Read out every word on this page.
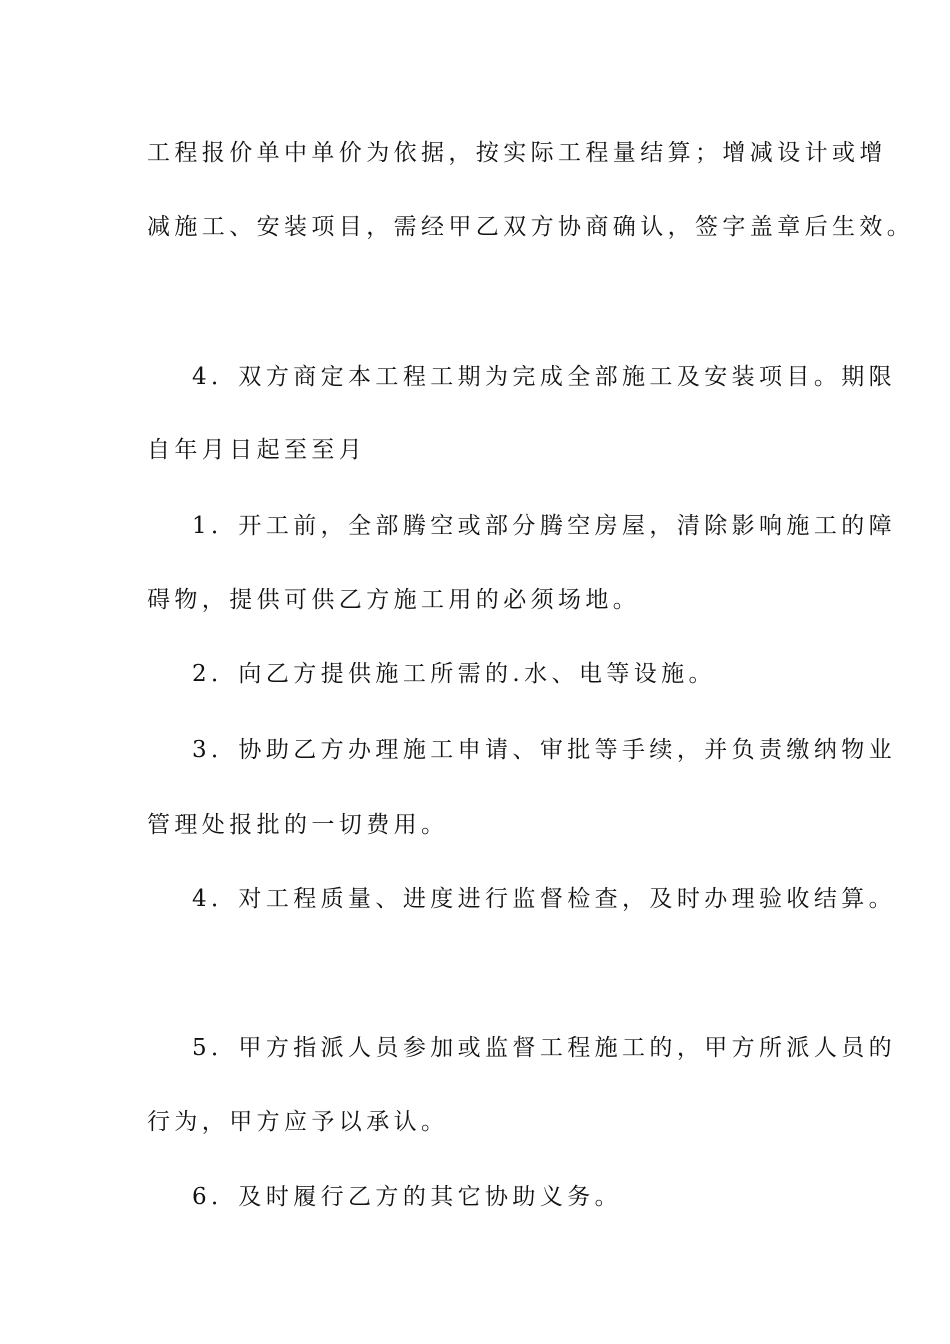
工程报价单中单价为依据，按实际工程量结算；增减设计或增
减施工、安装项目，需经甲乙双方协商确认，签字盖章后生效。
4．双方商定本工程工期为完成全部施工及安装项目。期限
自年月日起至至月
1．开工前，全部腾空或部分腾空房屋，清除影响施工的障
碍物，提供可供乙方施工用的必须场地。
2．向乙方提供施工所需的.水、电等设施。
3．协助乙方办理施工申请、审批等手续，并负责缴纳物业
管理处报批的一切费用。
4．对工程质量、进度进行监督检查，及时办理验收结算。
5．甲方指派人员参加或监督工程施工的，甲方所派人员的
行为，甲方应予以承认。
6．及时履行乙方的其它协助义务。
